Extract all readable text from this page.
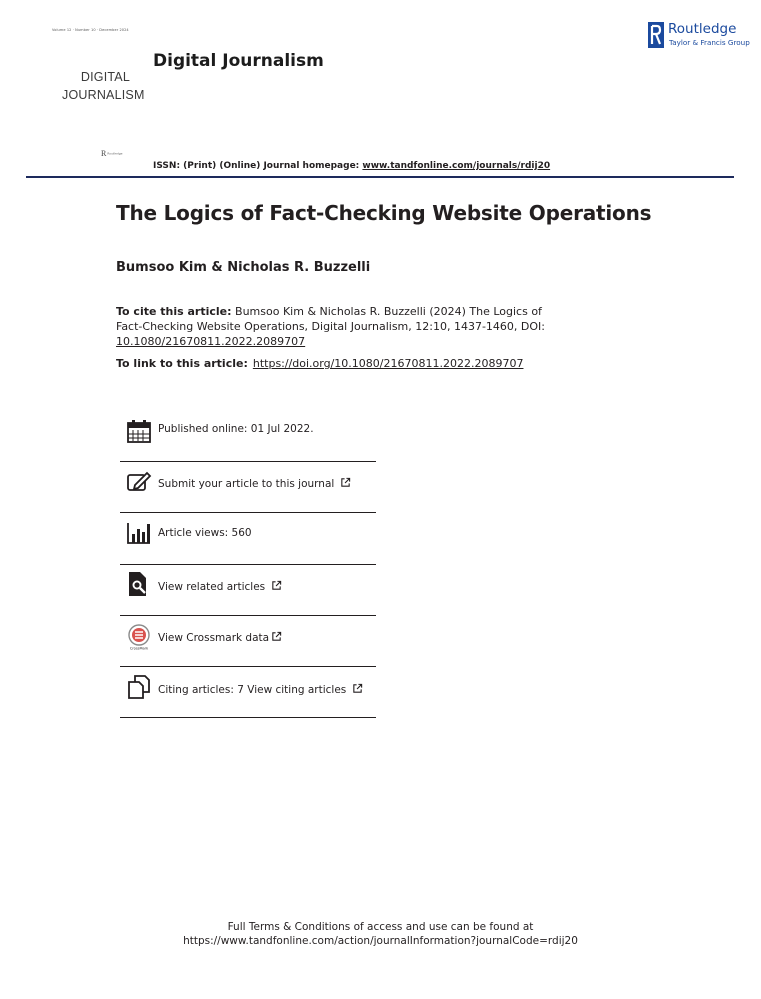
Volume 12 · Number 10 · December 2024
DIGITAL
JOURNALISM
R Routledge
Digital Journalism
Routledge
Taylor & Francis Group
ISSN: (Print) (Online) Journal homepage: www.tandfonline.com/journals/rdij20
The Logics of Fact-Checking Website Operations
Bumsoo Kim & Nicholas R. Buzzelli
To cite this article: Bumsoo Kim & Nicholas R. Buzzelli (2024) The Logics of Fact-Checking Website Operations, Digital Journalism, 12:10, 1437-1460, DOI: 10.1080/21670811.2022.2089707
To link to this article: https://doi.org/10.1080/21670811.2022.2089707
Published online: 01 Jul 2022.
Submit your article to this journal
Article views: 560
View related articles
CrossMark
View Crossmark data
Citing articles: 7 View citing articles
Full Terms & Conditions of access and use can be found at
https://www.tandfonline.com/action/journalInformation?journalCode=rdij20
